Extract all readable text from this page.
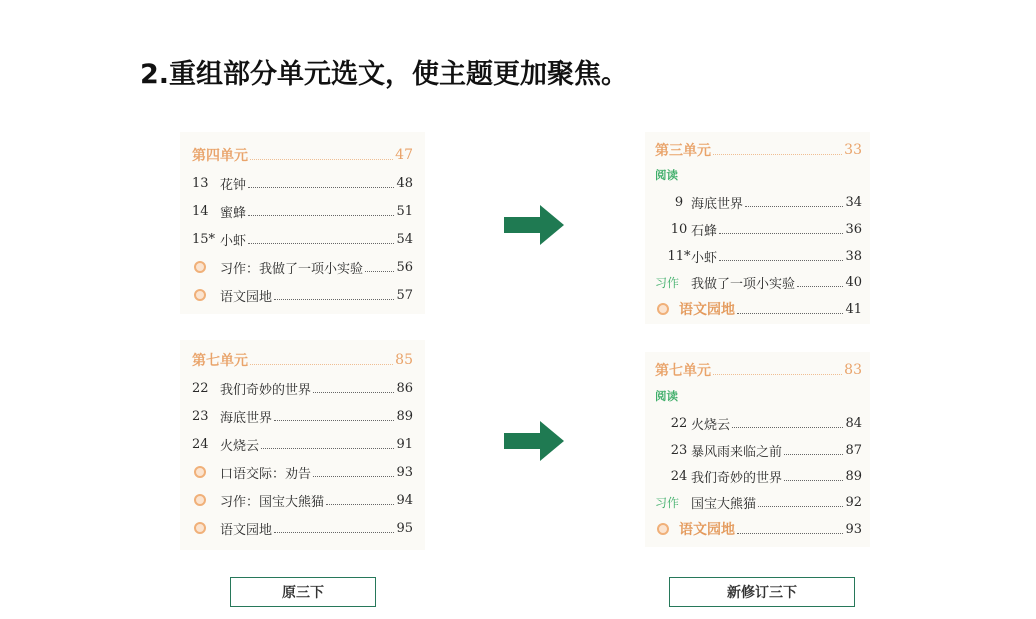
2.重组部分单元选文，使主题更加聚焦。
第四单元	47
13 花钟	48
14 蜜蜂	51
15* 小虾	54
习作：我做了一项小实验	56
语文园地	57
第七单元	85
22 我们奇妙的世界	86
23 海底世界	89
24 火烧云	91
口语交际：劝告	93
习作：国宝大熊猫	94
语文园地	95
第三单元	33
阅读
9 海底世界	34
10 石蜂	36
11* 小虾	38
习作 我做了一项小实验	40
语文园地	41
第七单元	83
阅读
22 火烧云	84
23 暴风雨来临之前	87
24 我们奇妙的世界	89
习作 国宝大熊猫	92
语文园地	93
原三下	新修订三下
